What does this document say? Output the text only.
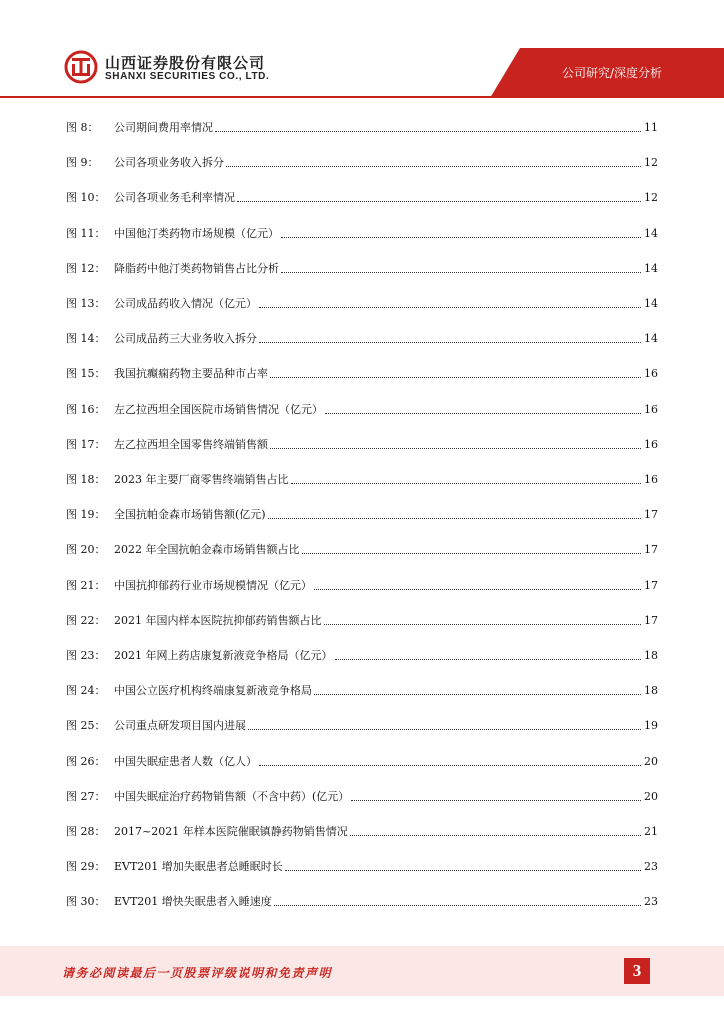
山西证券股份有限公司
SHANXI SECURITIES CO., LTD.	公司研究/深度分析
图 8：	公司期间费用率情况	11
图 9：	公司各项业务收入拆分	12
图 10： 公司各项业务毛利率情况	12
图 11： 中国他汀类药物市场规模（亿元）	14
图 12： 降脂药中他汀类药物销售占比分析	14
图 13： 公司成品药收入情况（亿元）	14
图 14： 公司成品药三大业务收入拆分	14
图 15： 我国抗癫痫药物主要品种市占率	16
图 16： 左乙拉西坦全国医院市场销售情况（亿元）	16
图 17： 左乙拉西坦全国零售终端销售额	16
图 18： 2023 年主要厂商零售终端销售占比	16
图 19： 全国抗帕金森市场销售额(亿元)	17
图 20： 2022 年全国抗帕金森市场销售额占比	17
图 21： 中国抗抑郁药行业市场规模情况（亿元）	17
图 22： 2021 年国内样本医院抗抑郁药销售额占比	17
图 23： 2021 年网上药店康复新液竞争格局（亿元）	18
图 24： 中国公立医疗机构终端康复新液竞争格局	18
图 25： 公司重点研发项目国内进展	19
图 26： 中国失眠症患者人数（亿人）	20
图 27： 中国失眠症治疗药物销售额（不含中药）(亿元）	20
图 28： 2017~2021 年样本医院催眠镇静药物销售情况	21
图 29： EVT201 增加失眠患者总睡眠时长	23
图 30： EVT201 增快失眠患者入睡速度	23
请务必阅读最后一页股票评级说明和免责声明	3
